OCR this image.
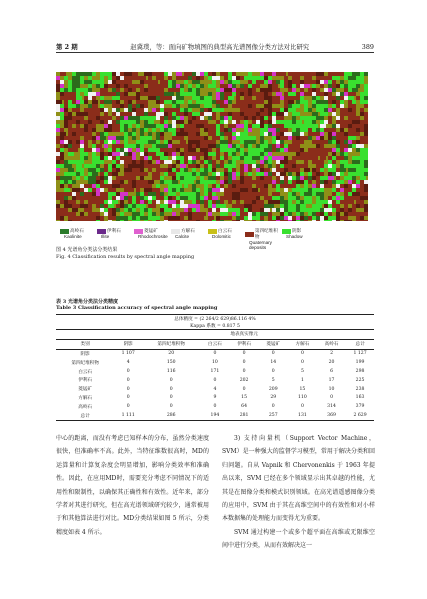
第 2 期	赵冀璞，等：面向矿物填图的典型高光谱图像分类方法对比研究	389
高岭石
Kaolinite
伊利石
Illite
菱锰矿
Rhodochrosite
方解石
Calcite
白云石
Dolomitic
第四纪堆积物
Quaternary deposits
阴影
Shadow
图 4 光谱角分类法分类结果
Fig. 4 Classification results by spectral angle mapping
表 3 光谱角分类法分类精度
Table 3 Classification accuracy of spectral angle mapping
总体精度 = (2 264/2 629)86.116 4%								
Kappa 系数 = 0.817 5								
	地表真实像元							
类别	阴影	第四纪堆积物	白云石	伊利石	菱锰矿	方解石	高岭石	总计
阴影	1 107	20	0	0	0	0	2	1 127
第四纪堆积物	4	150	10	0	14	0	20	199
白云石	0	116	171	0	0	5	6	298
伊利石	0	0	0	202	5	1	17	225
菱锰矿	0	0	4	0	209	15	10	238
方解石	0	0	9	15	29	110	0	163
高岭石	0	0	0	64	0	0	314	379
总计	1 111	286	194	281	257	131	369	2 629

中心的距离，而没有考虑已知样本的分布，虽然分类速度很快，但准确率不高。此外，当特征维数很高时，MD的运算量和计算复杂度会明显增加，影响分类效率和准确性。因此，在应用MD时，需要充分考虑不同情况下的适用性和限制性，以确保其正确性和有效性。近年来，部分学者对其进行研究，但在高光谱领域研究较少，通常被用于和其他算法进行对比。MD分类结果如图 5 所示，分类精度如表 4 所示。

3) 支持向量机（Support Vector Machine，SVM）是一种强大的监督学习模型，常用于解决分类和回归问题。自从 Vapnik 和 Chervonenkis 于 1963 年提出以来，SVM 已经在多个领域显示出其卓越的性能，尤其是在图像分类和模式识别领域。在高光谱遥感图像分类的应用中，SVM 由于其在高维空间中的有效性和对小样本数据集的处理能力而变得尤为重要。

SVM 通过构建一个或多个超平面在高维或无限维空间中进行分类，从而有效解决这一
